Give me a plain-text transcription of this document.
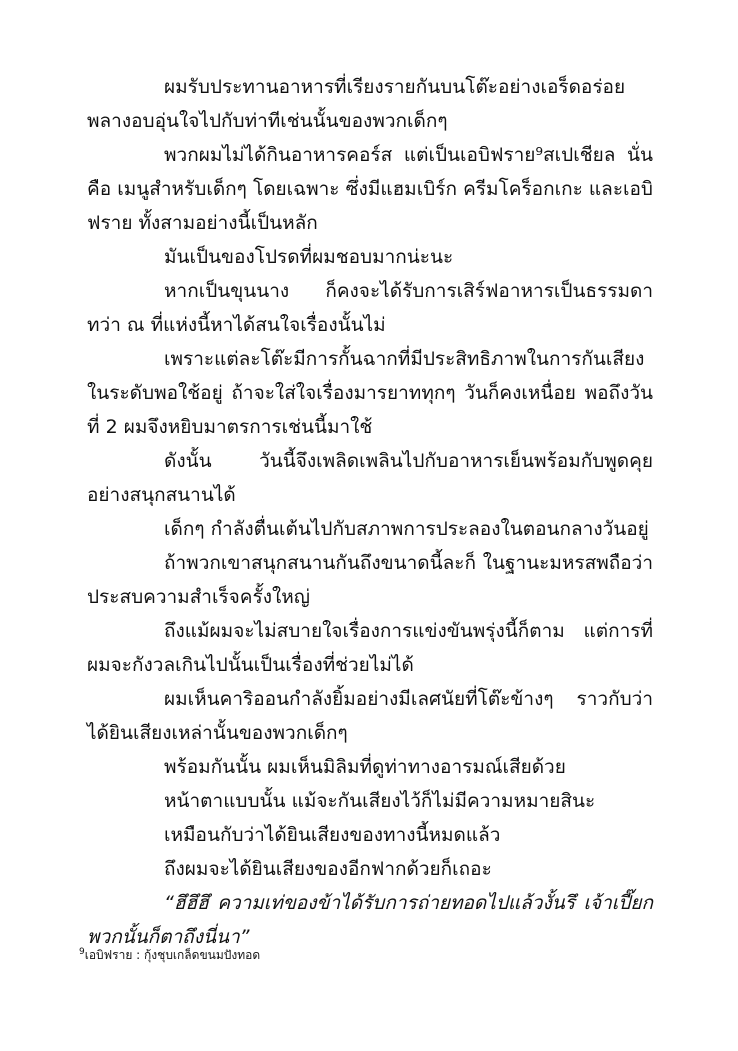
ผมรับประทานอาหารที่เรียงรายกันบนโต๊ะอย่างเอร็ดอร่อย พลางอบอุ่นใจไปกับท่าทีเช่นนั้นของพวกเด็กๆ

พวกผมไม่ได้กินอาหารคอร์ส แต่เป็นเอบิฟราย⁹สเปเชียล นั่นคือ เมนูสำหรับเด็กๆ โดยเฉพาะ ซึ่งมีแฮมเบิร์ก ครีมโคร็อกเกะ และเอบิฟราย ทั้งสามอย่างนี้เป็นหลัก

มันเป็นของโปรดที่ผมชอบมากน่ะนะ

หากเป็นขุนนาง ก็คงจะได้รับการเสิร์ฟอาหารเป็นธรรมดา ทว่า ณ ที่แห่งนี้หาได้สนใจเรื่องนั้นไม่

เพราะแต่ละโต๊ะมีการกั้นฉากที่มีประสิทธิภาพในการกันเสียงในระดับพอใช้อยู่ ถ้าจะใส่ใจเรื่องมารยาททุกๆ วันก็คงเหนื่อย พอถึงวันที่ 2 ผมจึงหยิบมาตรการเช่นนี้มาใช้

ดังนั้น วันนี้จึงเพลิดเพลินไปกับอาหารเย็นพร้อมกับพูดคุยอย่างสนุกสนานได้

เด็กๆ กำลังตื่นเต้นไปกับสภาพการประลองในตอนกลางวันอยู่

ถ้าพวกเขาสนุกสนานกันถึงขนาดนี้ละก็ ในฐานะมหรสพถือว่าประสบความสำเร็จครั้งใหญ่

ถึงแม้ผมจะไม่สบายใจเรื่องการแข่งขันพรุ่งนี้ก็ตาม แต่การที่ผมจะกังวลเกินไปนั้นเป็นเรื่องที่ช่วยไม่ได้

ผมเห็นคาริออนกำลังยิ้มอย่างมีเลศนัยที่โต๊ะข้างๆ ราวกับว่าได้ยินเสียงเหล่านั้นของพวกเด็กๆ

พร้อมกันนั้น ผมเห็นมิลิมที่ดูท่าทางอารมณ์เสียด้วย

หน้าตาแบบนั้น แม้จะกันเสียงไว้ก็ไม่มีความหมายสินะ

เหมือนกับว่าได้ยินเสียงของทางนี้หมดแล้ว

ถึงผมจะได้ยินเสียงของอีกฟากด้วยก็เถอะ

“ฮึฮึฮึ ความเท่ของข้าได้รับการถ่ายทอดไปแล้วงั้นรึ เจ้าเปี๊ยกพวกนั้นก็ตาถึงนี่นา”

$^9$เอบิฟราย : กุ้งชุบเกล็ดขนมปังทอด
